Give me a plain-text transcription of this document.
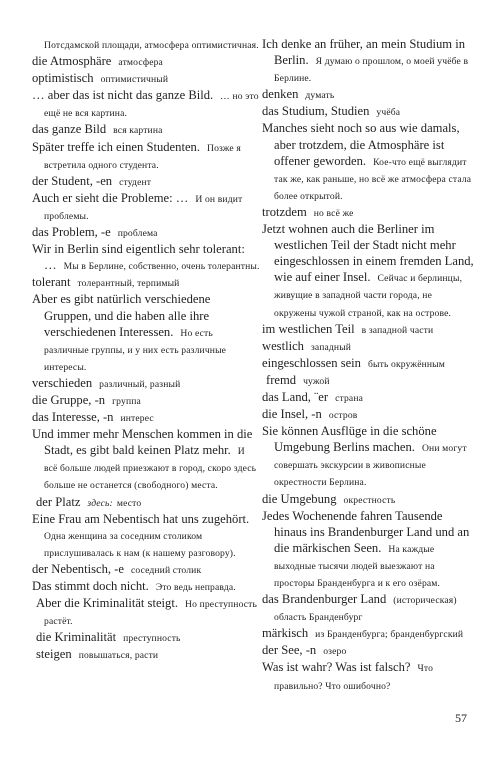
Потсдамской площади, атмосфера оптимистичная.
die Atmosphäre атмосфера
optimistisch оптимистичный
… aber das ist nicht das ganze Bild. … но это ещё не вся картина.
das ganze Bild вся картина
Später treffe ich einen Studenten. Позже я встретила одного студента.
der Student, -en студент
Auch er sieht die Probleme: … И он видит проблемы.
das Problem, -e проблема
Wir in Berlin sind eigentlich sehr tolerant: … Мы в Берлине, собственно, очень толерантны.
tolerant толерантный, терпимый
Aber es gibt natürlich verschiedene Gruppen, und die haben alle ihre verschiedenen Interessen. Но есть различные группы, и у них есть различные интересы.
verschieden различный, разный
die Gruppe, -n группа
das Interesse, -n интерес
Und immer mehr Menschen kommen in die Stadt, es gibt bald keinen Platz mehr. И всё больше людей приезжают в город, скоро здесь больше не останется (свободного) места.
der Platz здесь: место
Eine Frau am Nebentisch hat uns zugehört.Одна женщина за соседним столиком прислушивалась к нам (к нашему разговору).
der Nebentisch, -e соседний столик
Das stimmt doch nicht. Это ведь неправда.
Aber die Kriminalität steigt. Но преступность растёт.
die Kriminalität преступность
steigen повышаться, расти
Ich denke an früher, an mein Studium in Berlin. Я думаю о прошлом, о моей учёбе в Берлине.
denken думать
das Studium, Studien учёба
Manches sieht noch so aus wie damals, aber trotzdem, die Atmosphäre ist offener geworden. Кое-что ещё выглядит так же, как раньше, но всё же атмосфера стала более открытой.
trotzdem но всё же
Jetzt wohnen auch die Berliner im westlichen Teil der Stadt nicht mehr eingeschlossen in einem fremden Land, wie auf einer Insel. Сейчас и берлинцы, живущие в западной части города, не окружены чужой страной, как на острове.
im westlichen Teil в западной части
westlich западный
eingeschlossen sein быть окружённым
fremd чужой
das Land, ¨er страна
die Insel, -n остров
Sie können Ausflüge in die schöne Umgebung Berlins machen. Они могут совершать экскурсии в живописные окрестности Берлина.
die Umgebung окрестность
Jedes Wochenende fahren Tausende hinaus ins Brandenburger Land und an die märkischen Seen. На каждые выходные тысячи людей выезжают на просторы Бранденбурга и к его озёрам.
das Brandenburger Land (историческая) область Бранденбург
märkisch из Бранденбурга; бранденбургский
der See, -n озеро
Was ist wahr? Was ist falsch? Что правильно? Что ошибочно?
57
